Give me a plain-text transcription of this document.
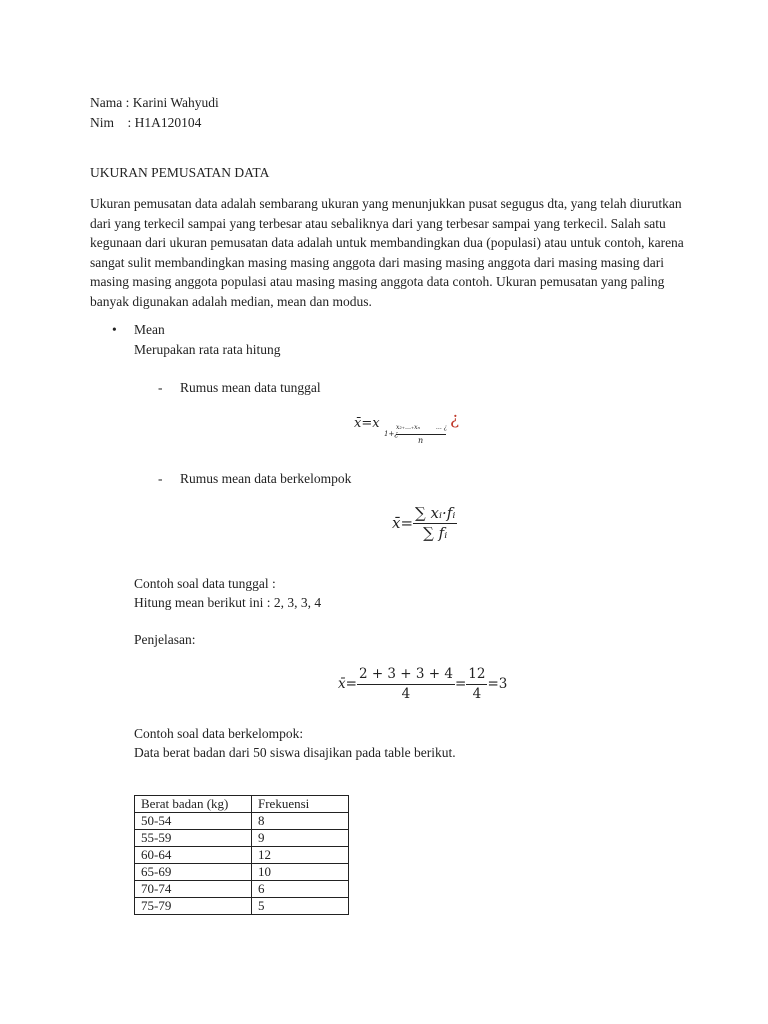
Nama : Karini Wahyudi
Nim    : H1A120104
UKURAN PEMUSATAN DATA
Ukuran pemusatan data adalah sembarang ukuran yang menunjukkan pusat segugus dta, yang telah diurutkan dari yang terkecil sampai yang terbesar atau sebaliknya dari yang terbesar sampai yang terkecil. Salah satu kegunaan dari ukuran pemusatan data adalah untuk membandingkan dua (populasi) atau untuk contoh, karena sangat sulit membandingkan masing masing anggota dari masing masing anggota dari masing masing dari masing masing anggota populasi atau masing masing anggota data contoh. Ukuran pemusatan yang paling banyak digunakan adalah median, mean dan modus.
• Mean
Merupakan rata rata hitung
- Rumus mean data tunggal
x̄=x
1+¿
x₂₊…₊xₙ	… ¿
n
¿
- Rumus mean data berkelompok
x̄= $\frac{\text{∑ xᵢ·fᵢ}}{\text{∑ fᵢ}}$
Contoh soal data tunggal :
Hitung mean berikut ini : 2, 3, 3, 4
Penjelasan:
x̄= $\frac{2 + 3 + 3 + 4}{4} = \frac{12}{4} =3$
Contoh soal data berkelompok:
Data berat badan dari 50 siswa disajikan pada table berikut.
Berat badan (kg)	Frekuensi
50-54	8
55-59	9
60-64	12
65-69	10
70-74	6
75-79	5
